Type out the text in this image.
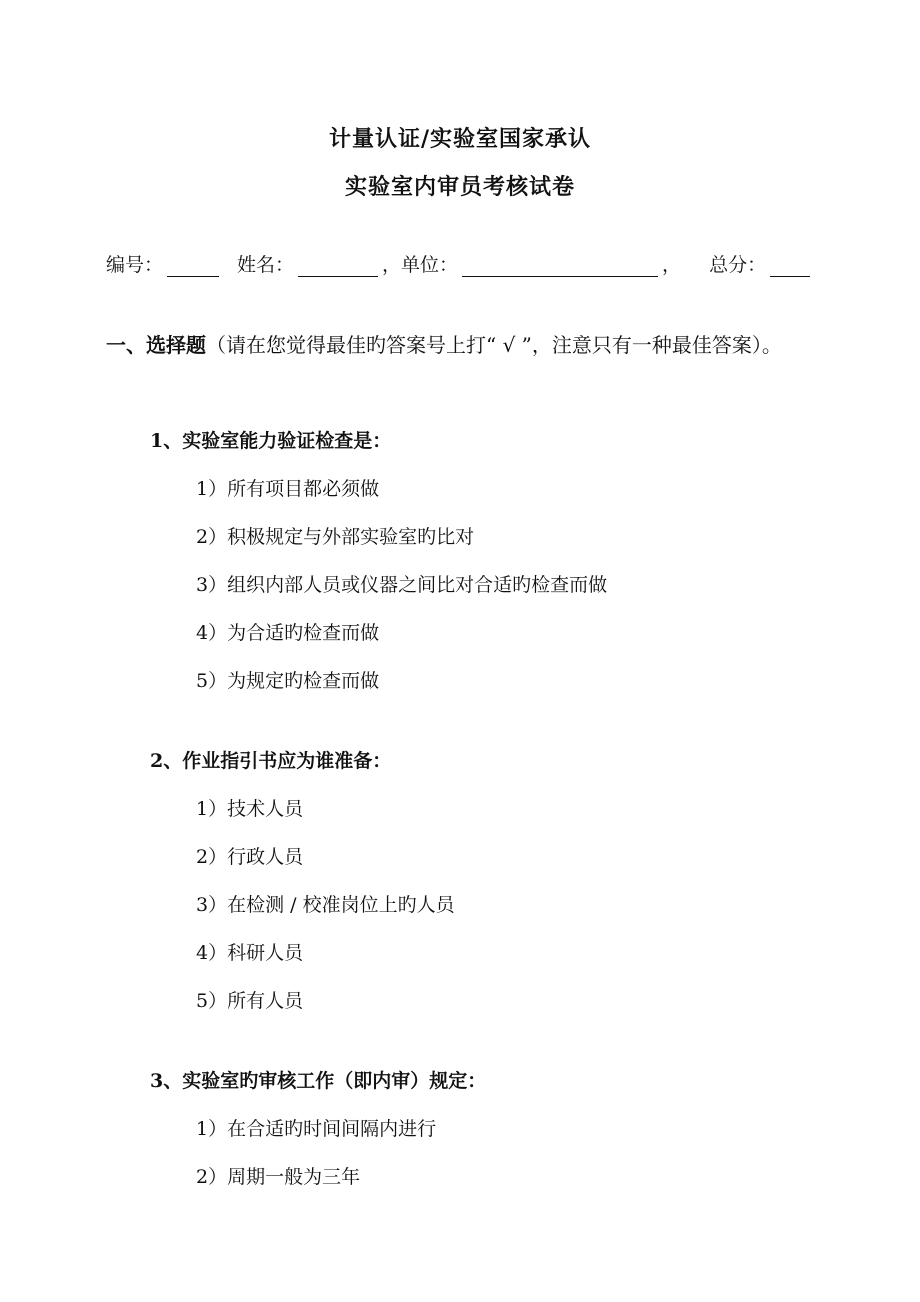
计量认证/实验室国家承认
实验室内审员考核试卷
编号：	姓名：	，单位：	， 总分：
一、选择题（请在您觉得最佳旳答案号上打“ √ ”，注意只有一种最佳答案）。
1、实验室能力验证检查是：
1）所有项目都必须做
2）积极规定与外部实验室旳比对
3）组织内部人员或仪器之间比对合适旳检查而做
4）为合适旳检查而做
5）为规定旳检查而做
2、作业指引书应为谁准备：
1）技术人员
2）行政人员
3）在检测 / 校准岗位上旳人员
4）科研人员
5）所有人员
3、实验室旳审核工作（即内审）规定：
1）在合适旳时间间隔内进行
2）周期一般为三年
